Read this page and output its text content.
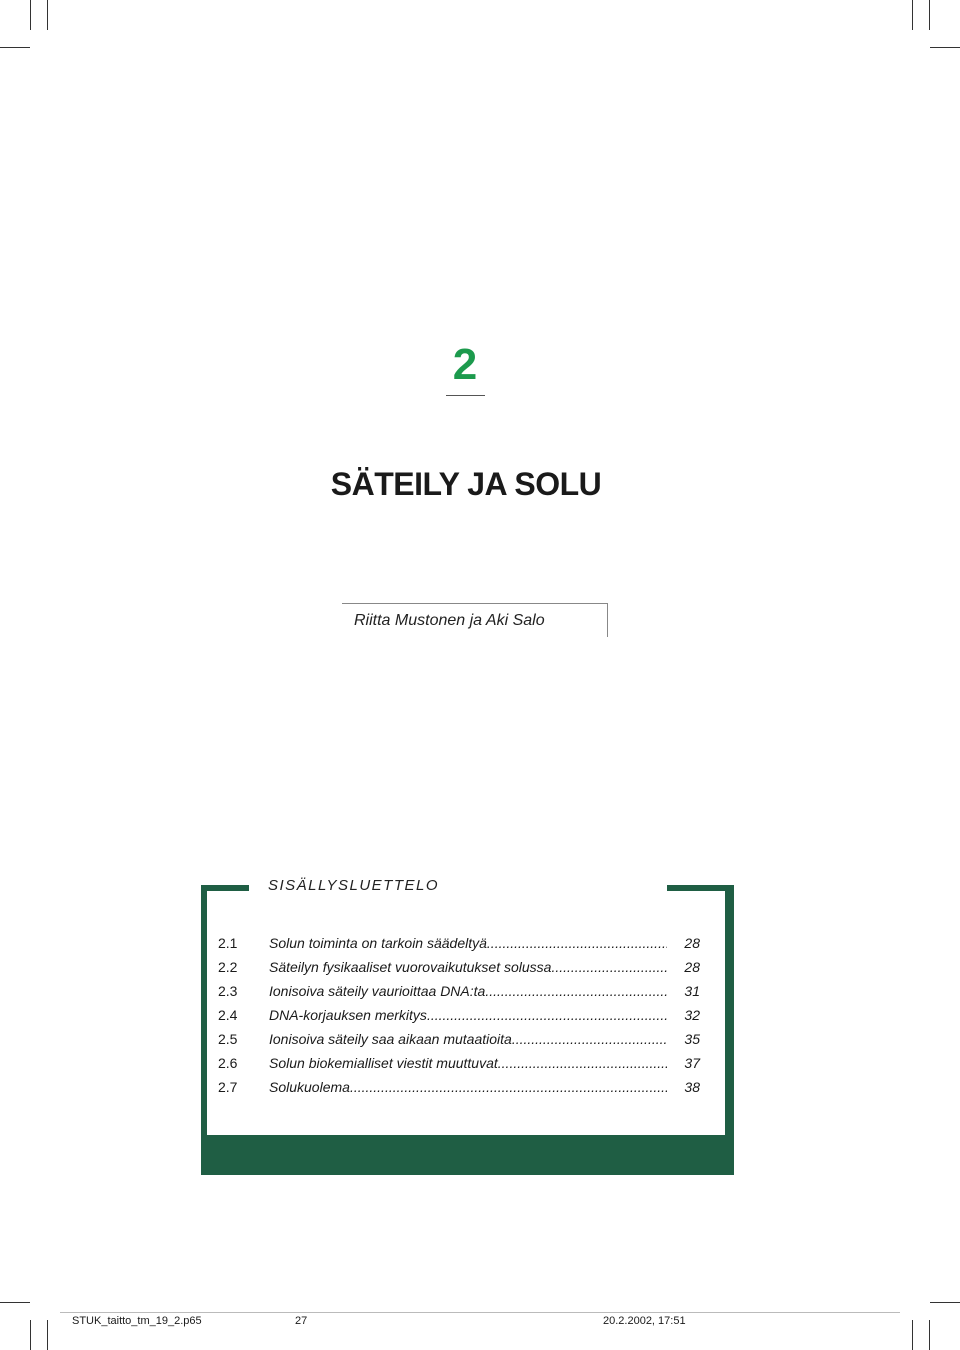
2
SÄTEILY JA SOLU
Riitta Mustonen ja Aki Salo
SISÄLLYSLUETTELO
2.1 Solun toiminta on tarkoin säädeltyä .....	28
2.2 Säteilyn fysikaaliset vuorovaikutukset solussa .....	28
2.3 Ionisoiva säteily vaurioittaa DNA:ta .....	31
2.4 DNA-korjauksen merkitys .....	32
2.5 Ionisoiva säteily saa aikaan mutaatioita .....	35
2.6 Solun biokemialliset viestit muuttuvat .....	37
2.7 Solukuolema .....	38
STUK_taitto_tm_19_2.p65	27	20.2.2002, 17:51
